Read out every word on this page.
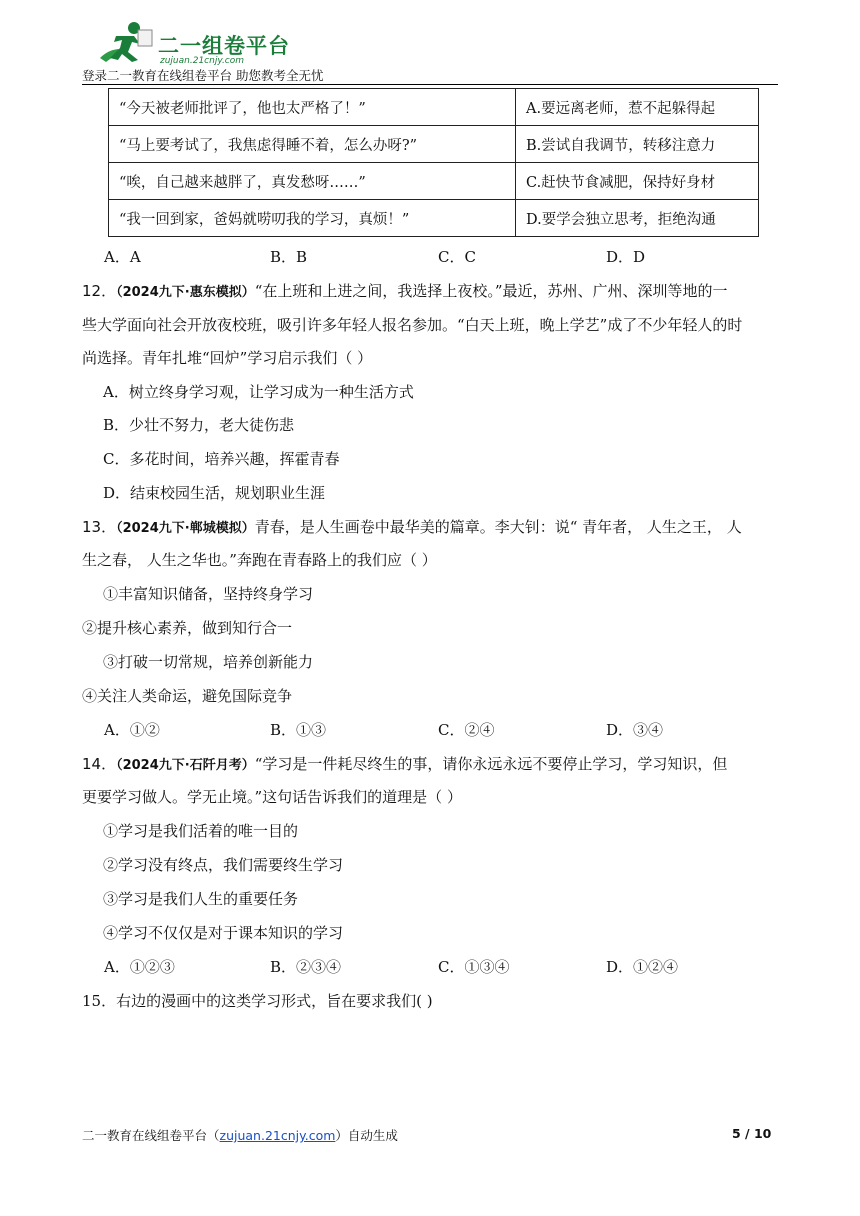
二一组卷平台
zujuan.21cnjy.com
登录二一教育在线组卷平台 助您教考全无忧
“今天被老师批评了，他也太严格了！”	A.要远离老师，惹不起躲得起
“马上要考试了，我焦虑得睡不着，怎么办呀?”	B.尝试自我调节，转移注意力
“唉，自己越来越胖了，真发愁呀……”	C.赶快节食减肥，保持好身材
“我一回到家，爸妈就唠叨我的学习，真烦！”	D.要学会独立思考，拒绝沟通
A．A	B．B	C．C	D．D
12．（2024九下·惠东模拟）“在上班和上进之间，我选择上夜校。”最近，苏州、广州、深圳等地的一
些大学面向社会开放夜校班，吸引许多年轻人报名参加。“白天上班，晚上学艺”成了不少年轻人的时
尚选择。青年扎堆“回炉”学习启示我们（ ）
A．树立终身学习观，让学习成为一种生活方式
B．少壮不努力，老大徒伤悲
C．多花时间，培养兴趣，挥霍青春
D．结束校园生活，规划职业生涯
13．（2024九下·郸城模拟）青春，是人生画卷中最华美的篇章。李大钊：说“ 青年者， 人生之王， 人
生之春， 人生之华也。”奔跑在青春路上的我们应（ ）
①丰富知识储备，坚持终身学习
②提升核心素养，做到知行合一
③打破一切常规，培养创新能力
④关注人类命运，避免国际竞争
A．①②	B．①③	C．②④	D．③④
14．（2024九下·石阡月考）“学习是一件耗尽终生的事，请你永远永远不要停止学习，学习知识，但
更要学习做人。学无止境。”这句话告诉我们的道理是（ ）
①学习是我们活着的唯一目的
②学习没有终点，我们需要终生学习
③学习是我们人生的重要任务
④学习不仅仅是对于课本知识的学习
A．①②③	B．②③④	C．①③④	D．①②④
15．右边的漫画中的这类学习形式，旨在要求我们( )
二一教育在线组卷平台（zujuan.21cnjy.com）自动生成	5 / 10
